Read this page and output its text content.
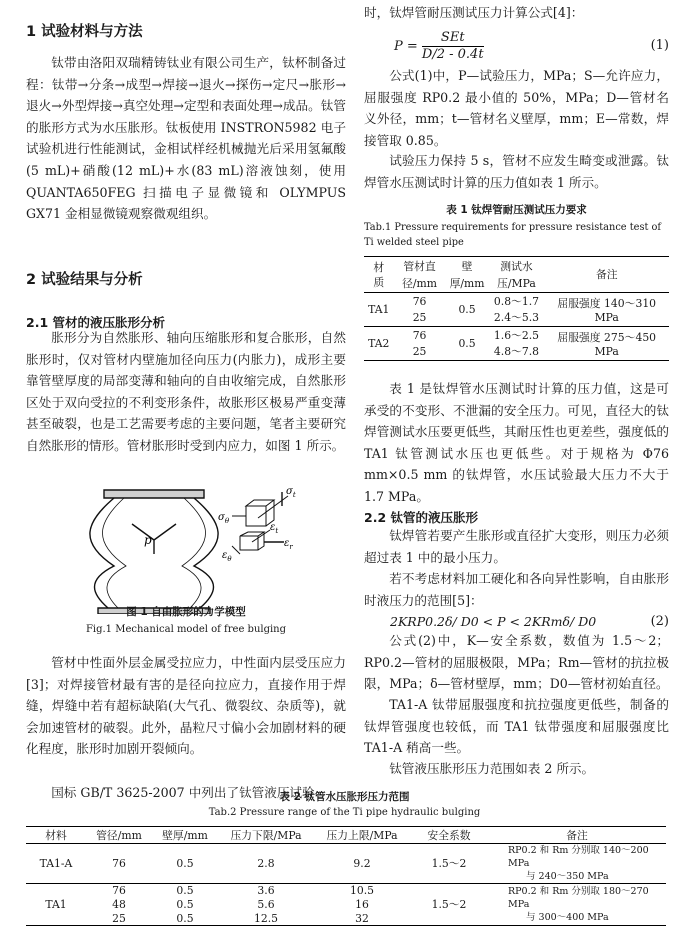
1 试验材料与方法

钛带由洛阳双瑞精铸钛业有限公司生产，钛杯制备过程：钛带→分条→成型→焊接→退火→探伤→定尺→胀形→退火→外型焊接→真空处理→定型和表面处理→成品。钛管的胀形方式为水压胀形。钛板使用 INSTRON5982 电子试验机进行性能测试，金相试样经机械抛光后采用氢氟酸(5 mL)+硝酸(12 mL)+水(83 mL)溶液蚀刻，使用 QUANTA650FEG 扫描电子显微镜和 OLYMPUS GX71 金相显微镜观察微观组织。

2 试验结果与分析
2.1 管材的液压胀形分析

胀形分为自然胀形、轴向压缩胀形和复合胀形，自然胀形时，仅对管材内壁施加径向压力(内胀力)，成形主要靠管壁厚度的局部变薄和轴向的自由收缩完成，自然胀形区处于双向受拉的不利变形条件，故胀形区极易严重变薄甚至破裂，也是工艺需要考虑的主要问题，笔者主要研究自然胀形的情形。管材胀形时受到内应力，如图 1 所示。

p
$\sigma_t$
$\sigma_\theta$
$\varepsilon_t$
$\varepsilon_r$
$\varepsilon_\theta$
图 1 自由胀形的力学模型
Fig.1 Mechanical model of free bulging

管材中性面外层金属受拉应力，中性面内层受压应力[3]；对焊接管材最有害的是径向拉应力，直接作用于焊缝，焊缝中若有超标缺陷(大气孔、微裂纹、杂质等)，就会加速管材的破裂。此外，晶粒尺寸偏小会加剧材料的硬化程度，胀形时加剧开裂倾向。

国标 GB/T 3625-2007 中列出了钛管液压试验

时，钛焊管耐压测试压力计算公式[4]：

$P = \frac{\text{SEt}}{D/2 - 0.4t}$	(1)

公式(1)中，P—试验压力，MPa；S—允许应力，屈服强度 RP0.2 最小值的 50%，MPa；D—管材名义外径，mm；t—管材名义壁厚，mm；E—常数，焊接管取 0.85。

试验压力保持 5 s，管材不应发生畸变或泄露。钛焊管水压测试时计算的压力值如表 1 所示。

表 1 钛焊管耐压测试压力要求
Tab.1 Pressure requirements for pressure resistance test of Ti welded steel pipe
材质	管材直径/mm	壁厚/mm	测试水压/MPa	备注
TA1	76	0.5	0.8～1.7	屈服强度 140～310 MPa
	25		2.4～5.3	
TA2	76	0.5	1.6～2.5	屈服强度 275～450 MPa
	25		4.8～7.8	

表 1 是钛焊管水压测试时计算的压力值，这是可承受的不变形、不泄漏的安全压力。可见，直径大的钛焊管测试水压要更低些，其耐压性也更差些，强度低的 TA1 钛管测试水压也更低些。对于规格为 Φ76 mm×0.5 mm 的钛焊管，水压试验最大压力不大于 1.7 MPa。

2.2 钛管的液压胀形

钛焊管若要产生胀形或直径扩大变形，则压力必须超过表 1 中的最小压力。

若不考虑材料加工硬化和各向异性影响，自由胀形时液压力的范围[5]：

2KRP0.2δ/ D0 < P < 2KRmδ/ D0	(2)

公式(2)中，K—安全系数，数值为 1.5～2；RP0.2—管材的屈服极限，MPa；Rm—管材的抗拉极限，MPa；δ—管材壁厚，mm；D0—管材初始直径。

TA1-A 钛带屈服强度和抗拉强度更低些，制备的钛焊管强度也较低，而 TA1 钛带强度和屈服强度比 TA1-A 稍高一些。

钛管液压胀形压力范围如表 2 所示。

表 2 钛管水压胀形压力范围
Tab.2 Pressure range of the Ti pipe hydraulic bulging
材料	管径/mm	壁厚/mm	压力下限/MPa	压力上限/MPa	安全系数	备注
TA1-A	76	0.5	2.8	9.2	1.5～2	RP0.2 和 Rm 分别取 140～200 MPa
与 240～350 MPa

TA1	76	0.5	3.6	10.5	1.5～2	RP0.2 和 Rm 分别取 180～270 MPa
与 300～400 MPa

	48	0.5	5.6	16		
	25	0.5	12.5	32		
